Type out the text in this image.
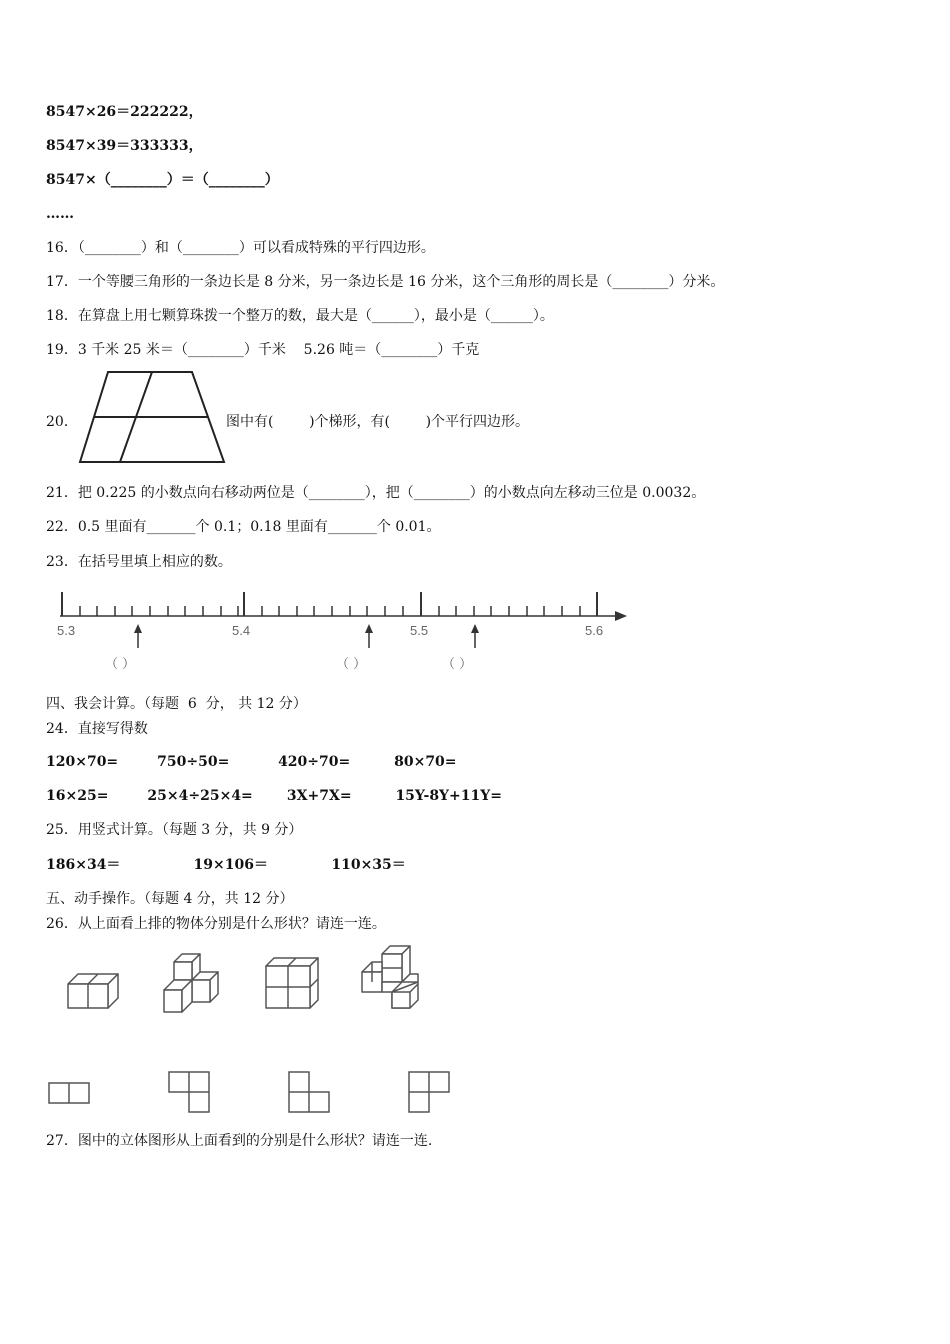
8547×26＝222222，
8547×39＝333333，
8547×（________）＝（________）
……
16．（________）和（________）可以看成特殊的平行四边形。
17．一个等腰三角形的一条边长是 8 分米，另一条边长是 16 分米，这个三角形的周长是（________）分米。
18．在算盘上用七颗算珠拨一个整万的数，最大是（______），最小是（______）。
19．3 千米 25 米＝（________）千米    5.26 吨＝（________）千克
20．	图中有(        )个梯形，有(        )个平行四边形。
21．把 0.225 的小数点向右移动两位是（________），把（________）的小数点向左移动三位是 0.0032。
22．0.5 里面有_______个 0.1；0.18 里面有_______个 0.01。
23．在括号里填上相应的数。
5.3	5.4	5.5	5.6
（ ）	（ ）	（ ）
四、我会计算。（每题  6  分， 共 12 分）
24．直接写得数
120×70=        750÷50=          420÷70=         80×70=
16×25=        25×4÷25×4=       3X+7X=         15Y-8Y+11Y=
25．用竖式计算。（每题 3 分，共 9 分）
186×34＝               19×106＝             110×35＝
五、动手操作。（每题 4 分，共 12 分）
26．从上面看上排的物体分别是什么形状？请连一连。
27．图中的立体图形从上面看到的分别是什么形状？请连一连.
